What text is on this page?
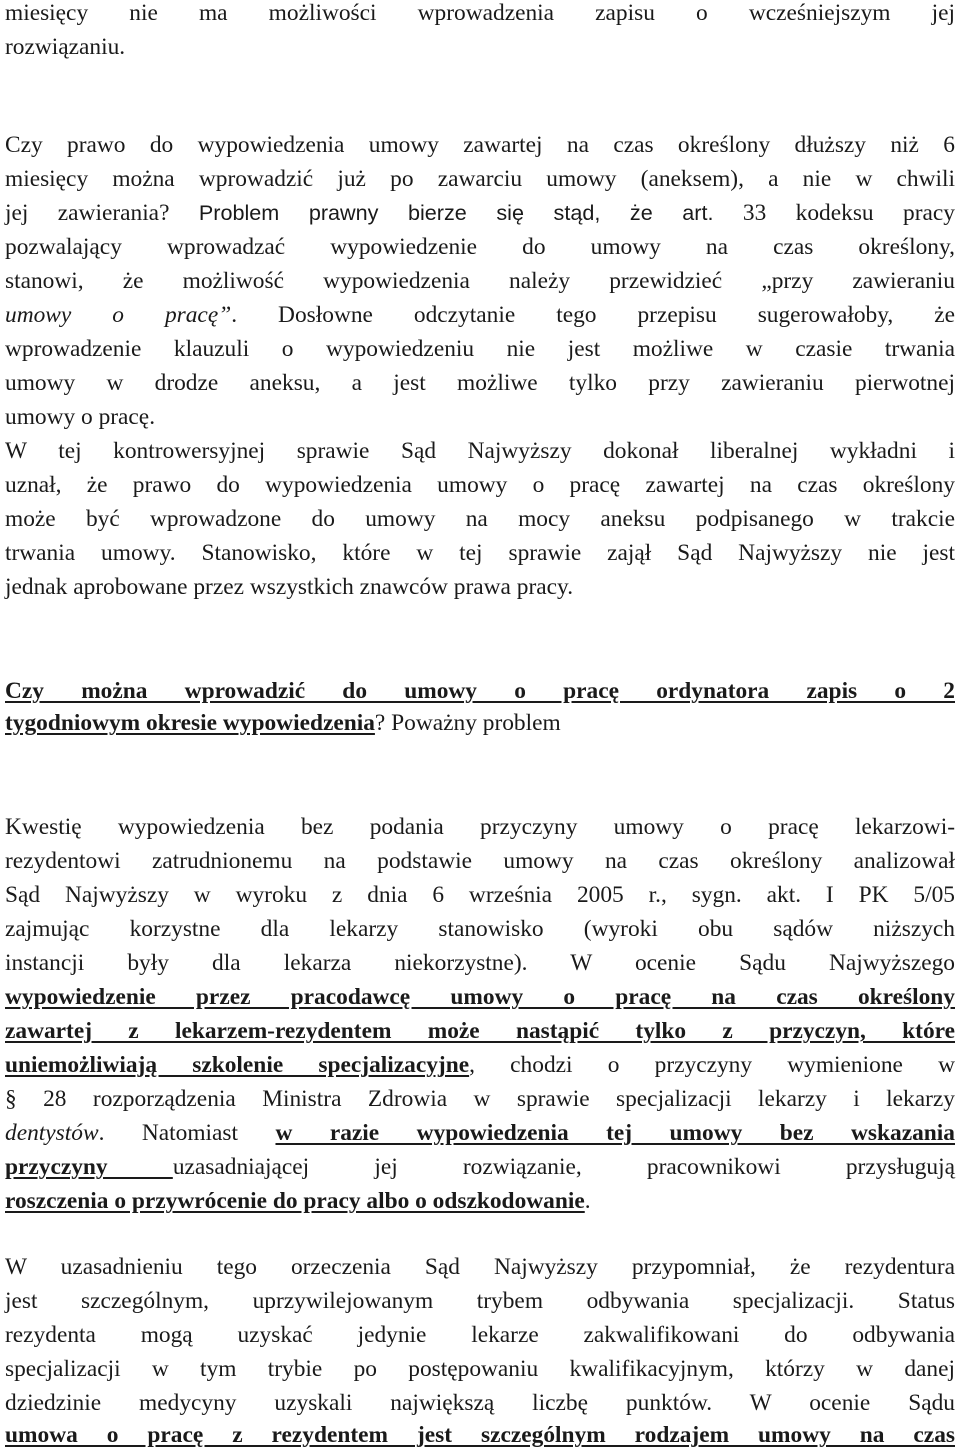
miesięcy nie ma możliwości wprowadzenia zapisu o wcześniejszym jej
rozwiązaniu.
Czy prawo do wypowiedzenia umowy zawartej na czas określony dłuższy niż 6
miesięcy można wprowadzić już po zawarciu umowy (aneksem), a nie w chwili
jej zawierania? Problem prawny bierze się stąd, że art. 33 kodeksu pracy
pozwalający wprowadzać wypowiedzenie do umowy na czas określony,
stanowi, że możliwość wypowiedzenia należy przewidzieć „przy zawieraniu
umowy o pracę”. Dosłowne odczytanie tego przepisu sugerowałoby, że
wprowadzenie klauzuli o wypowiedzeniu nie jest możliwe w czasie trwania
umowy w drodze aneksu, a jest możliwe tylko przy zawieraniu pierwotnej
umowy o pracę.
W tej kontrowersyjnej sprawie Sąd Najwyższy dokonał liberalnej wykładni i
uznał, że prawo do wypowiedzenia umowy o pracę zawartej na czas określony
może być wprowadzone do umowy na mocy aneksu podpisanego w trakcie
trwania umowy. Stanowisko, które w tej sprawie zajął Sąd Najwyższy nie jest
jednak aprobowane przez wszystkich znawców prawa pracy.
Czy można wprowadzić do umowy o pracę ordynatora zapis o 2
tygodniowym okresie wypowiedzenia? Poważny problem
Kwestię wypowiedzenia bez podania przyczyny umowy o pracę lekarzowi-
rezydentowi zatrudnionemu na podstawie umowy na czas określony analizował
Sąd Najwyższy w wyroku z dnia 6 września 2005 r., sygn. akt. I PK 5/05
zajmując korzystne dla lekarzy stanowisko (wyroki obu sądów niższych
instancji były dla lekarza niekorzystne). W ocenie Sądu Najwyższego
wypowiedzenie przez pracodawcę umowy o pracę na czas określony
zawartej z lekarzem-rezydentem może nastąpić tylko z przyczyn, które
uniemożliwiają szkolenie specjalizacyjne, chodzi o przyczyny wymienione w
§ 28 rozporządzenia Ministra Zdrowia w sprawie specjalizacji lekarzy i lekarzy
dentystów. Natomiast w razie wypowiedzenia tej umowy bez wskazania
przyczyny uzasadniającej jej rozwiązanie, pracownikowi przysługują
roszczenia o przywrócenie do pracy albo o odszkodowanie.
W uzasadnieniu tego orzeczenia Sąd Najwyższy przypomniał, że rezydentura
jest szczególnym, uprzywilejowanym trybem odbywania specjalizacji. Status
rezydenta mogą uzyskać jedynie lekarze zakwalifikowani do odbywania
specjalizacji w tym trybie po postępowaniu kwalifikacyjnym, którzy w danej
dziedzinie medycyny uzyskali największą liczbę punktów. W ocenie Sądu
umowa o pracę z rezydentem jest szczególnym rodzajem umowy na czas
